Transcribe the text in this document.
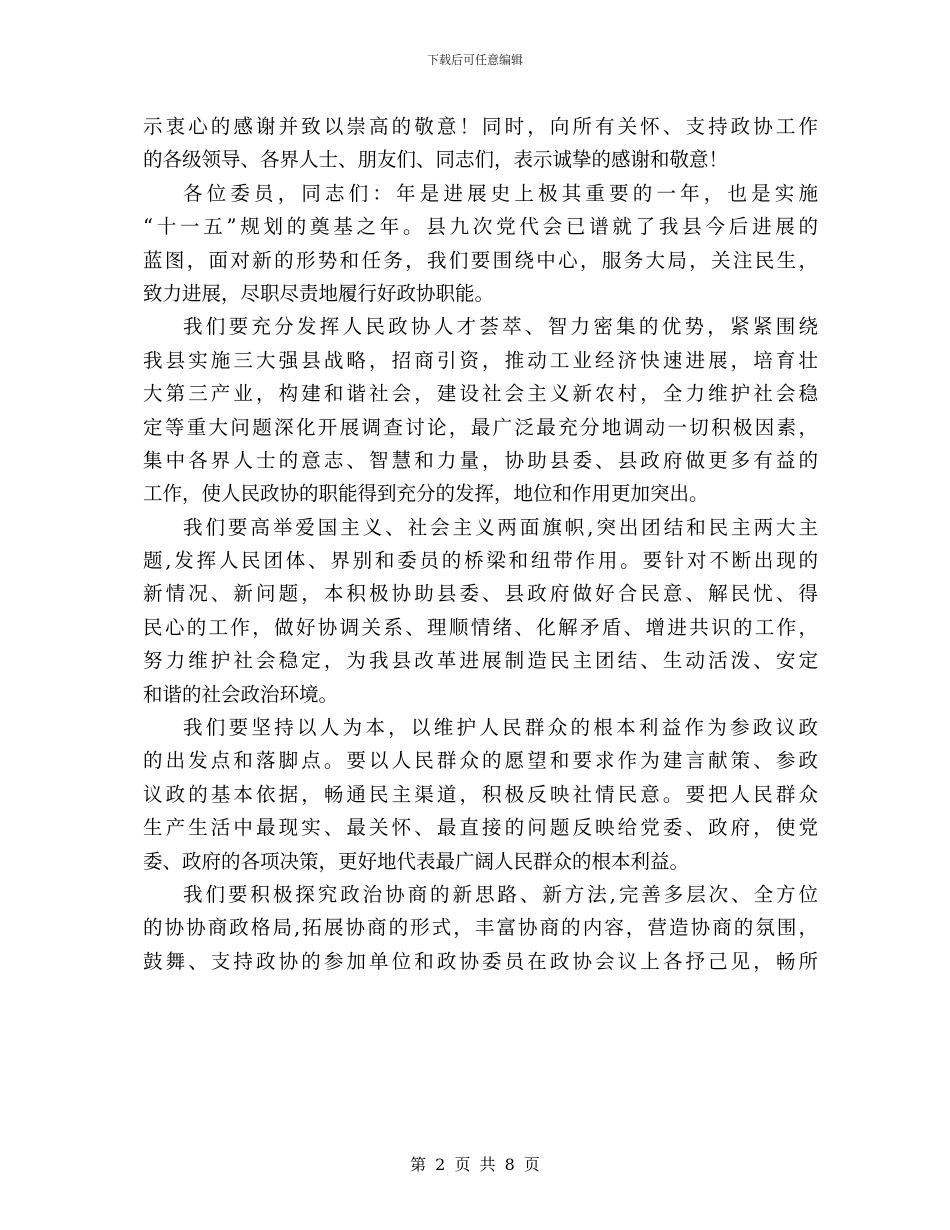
下载后可任意编辑
示衷心的感谢并致以崇高的敬意！同时，向所有关怀、支持政协工作
的各级领导、各界人士、朋友们、同志们，表示诚挚的感谢和敬意！
各位委员，同志们：年是进展史上极其重要的一年，也是实施
“十一五”规划的奠基之年。县九次党代会已谱就了我县今后进展的
蓝图，面对新的形势和任务，我们要围绕中心，服务大局，关注民生，
致力进展，尽职尽责地履行好政协职能。
我们要充分发挥人民政协人才荟萃、智力密集的优势，紧紧围绕
我县实施三大强县战略，招商引资，推动工业经济快速进展，培育壮
大第三产业，构建和谐社会，建设社会主义新农村，全力维护社会稳
定等重大问题深化开展调查讨论，最广泛最充分地调动一切积极因素，
集中各界人士的意志、智慧和力量，协助县委、县政府做更多有益的
工作，使人民政协的职能得到充分的发挥，地位和作用更加突出。
我们要高举爱国主义、社会主义两面旗帜,突出团结和民主两大主
题,发挥人民团体、界别和委员的桥梁和纽带作用。要针对不断出现的
新情况、新问题，本积极协助县委、县政府做好合民意、解民忧、得
民心的工作，做好协调关系、理顺情绪、化解矛盾、增进共识的工作，
努力维护社会稳定，为我县改革进展制造民主团结、生动活泼、安定
和谐的社会政治环境。
我们要坚持以人为本，以维护人民群众的根本利益作为参政议政
的出发点和落脚点。要以人民群众的愿望和要求作为建言献策、参政
议政的基本依据，畅通民主渠道，积极反映社情民意。要把人民群众
生产生活中最现实、最关怀、最直接的问题反映给党委、政府，使党
委、政府的各项决策，更好地代表最广阔人民群众的根本利益。
我们要积极探究政治协商的新思路、新方法,完善多层次、全方位
的协协商政格局,拓展协商的形式，丰富协商的内容，营造协商的氛围，
鼓舞、支持政协的参加单位和政协委员在政协会议上各抒己见，畅所
第 2 页 共 8 页
